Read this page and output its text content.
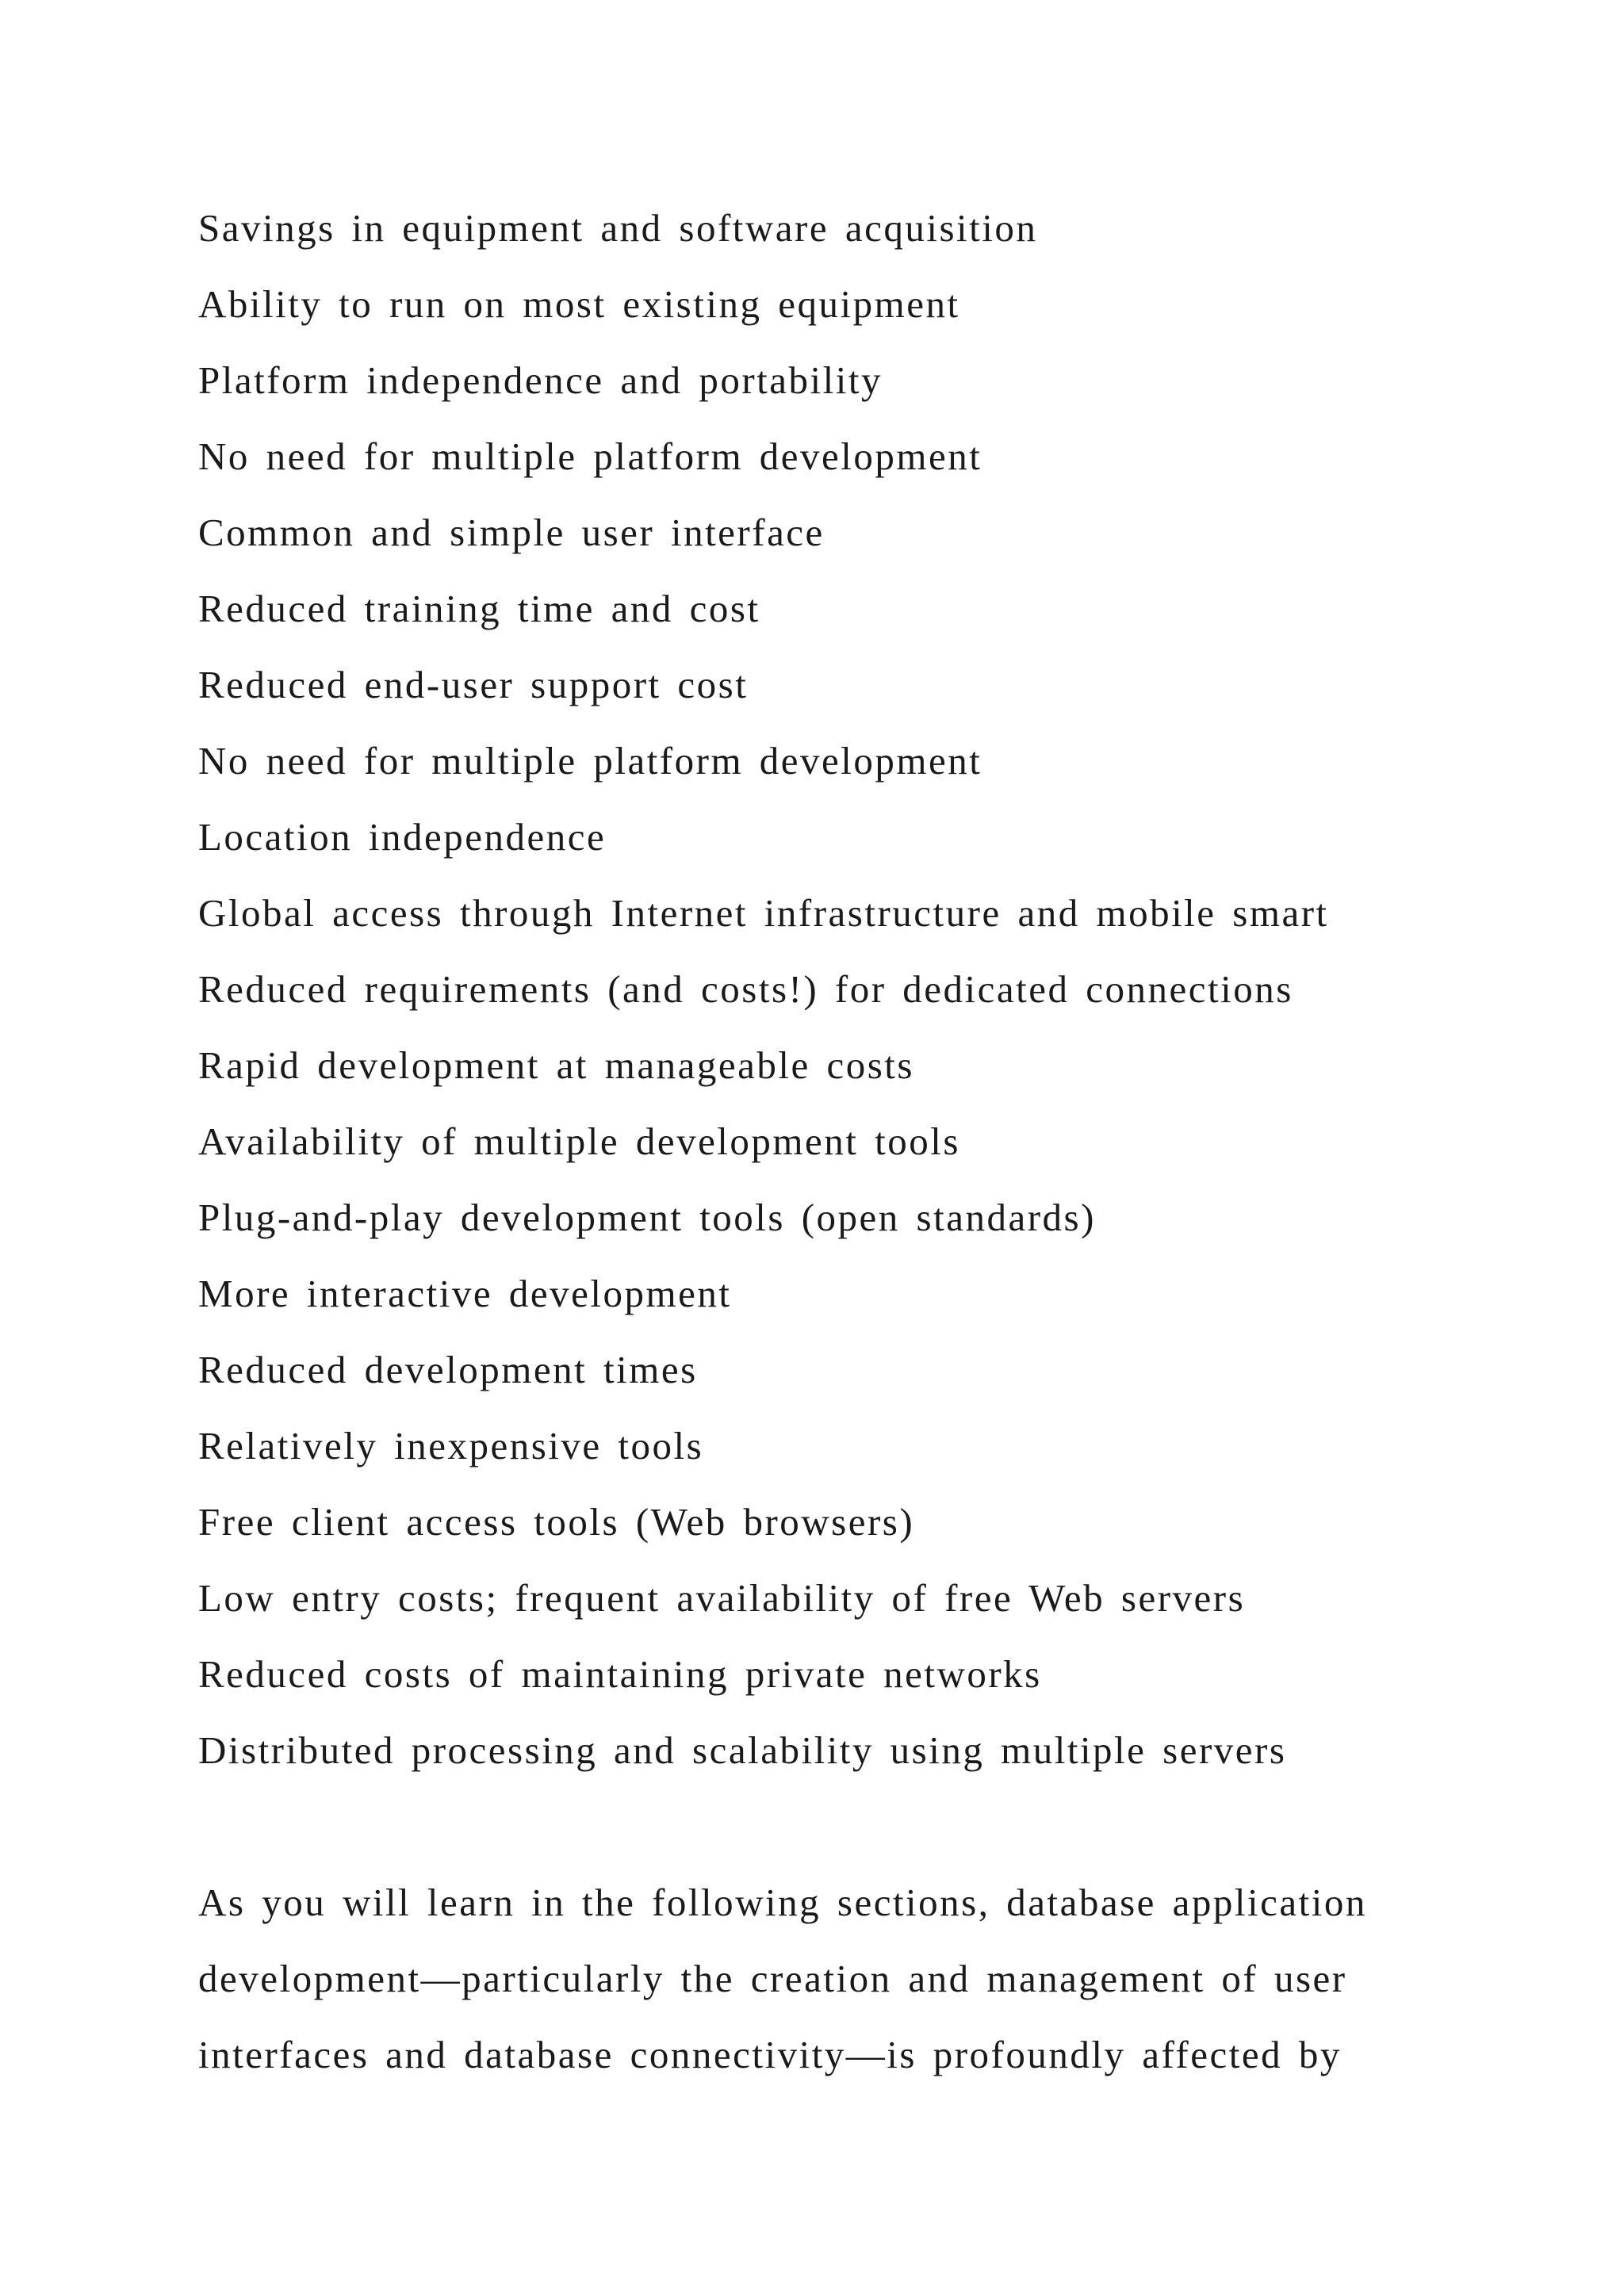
Savings in equipment and software acquisition
Ability to run on most existing equipment
Platform independence and portability
No need for multiple platform development
Common and simple user interface
Reduced training time and cost
Reduced end-user support cost
No need for multiple platform development
Location independence
Global access through Internet infrastructure and mobile smart
Reduced requirements (and costs!) for dedicated connections
Rapid development at manageable costs
Availability of multiple development tools
Plug-and-play development tools (open standards)
More interactive development
Reduced development times
Relatively inexpensive tools
Free client access tools (Web browsers)
Low entry costs; frequent availability of free Web servers
Reduced costs of maintaining private networks
Distributed processing and scalability using multiple servers

As you will learn in the following sections, database application
development—particularly the creation and management of user
interfaces and database connectivity—is profoundly affected by
